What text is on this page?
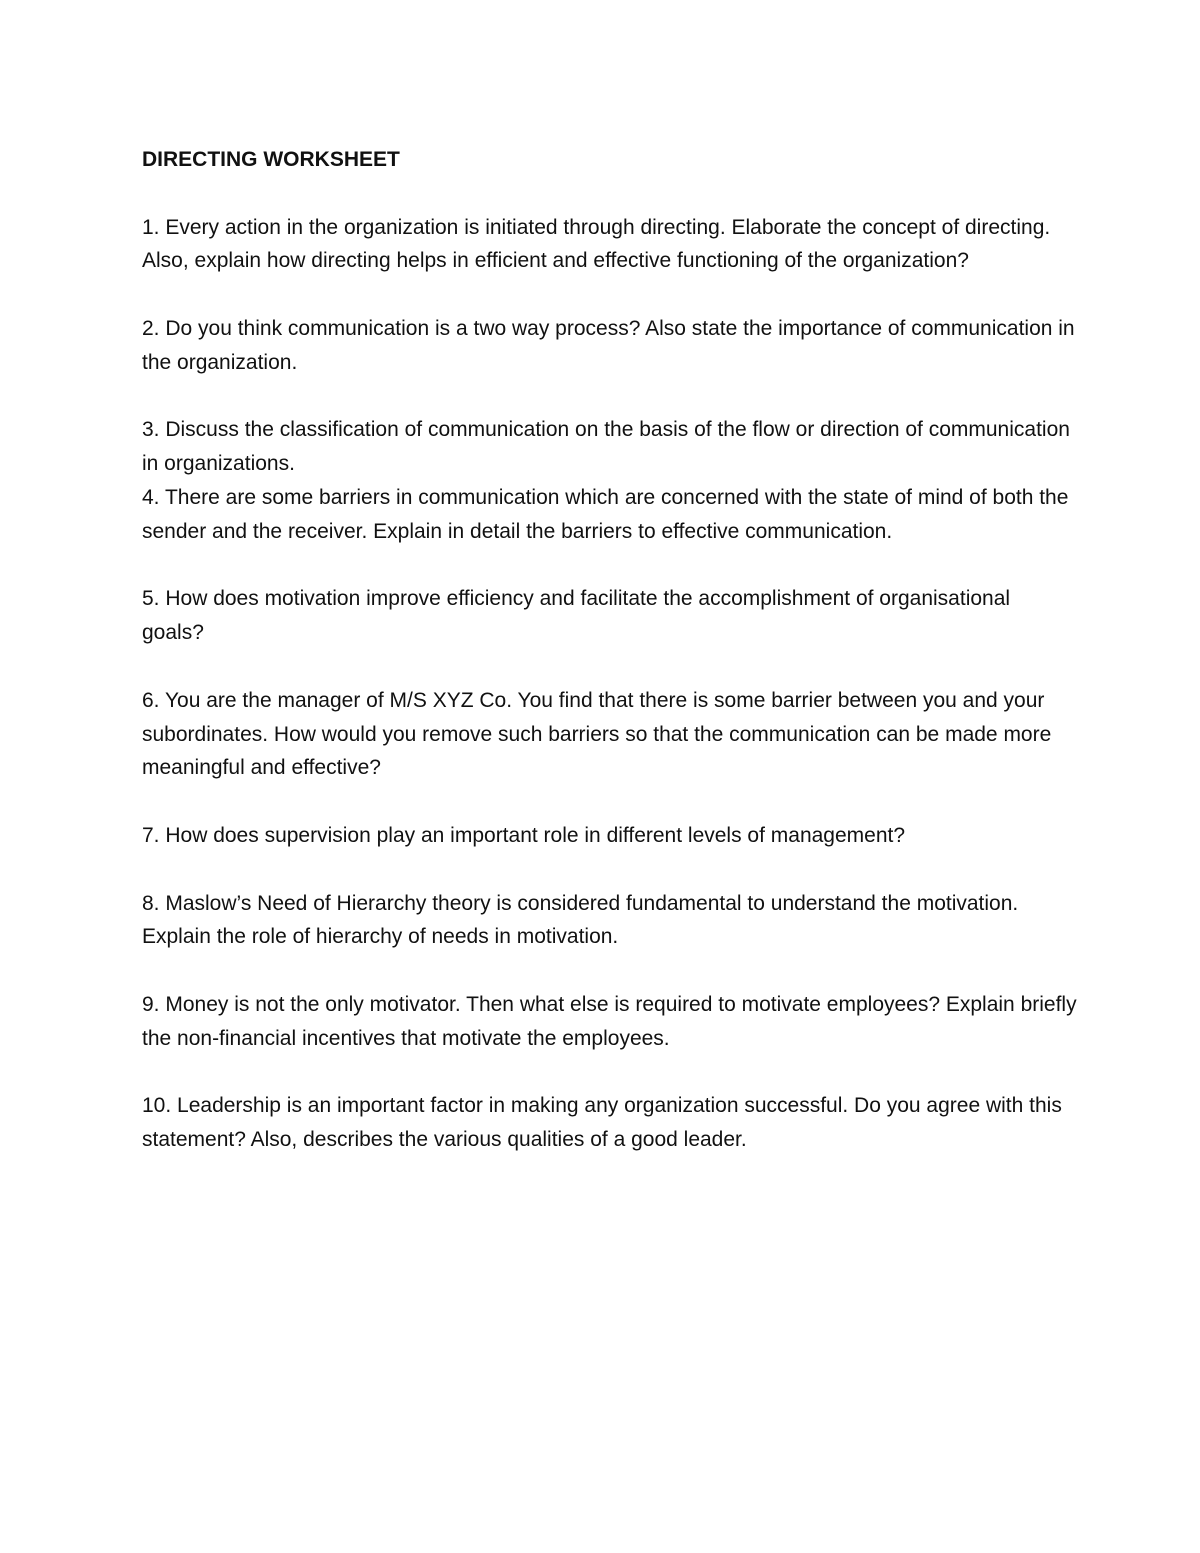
DIRECTING WORKSHEET

1. Every action in the organization is initiated through directing. Elaborate the concept of directing. Also, explain how directing helps in efficient and effective functioning of the organization?

2. Do you think communication is a two way process? Also state the importance of communication in the organization.

3. Discuss the classification of communication on the basis of the flow or direction of communication in organizations.

4. There are some barriers in communication which are concerned with the state of mind of both the sender and the receiver. Explain in detail the barriers to effective communication.

5. How does motivation improve efficiency and facilitate the accomplishment of organisational goals?

6. You are the manager of M/S XYZ Co. You find that there is some barrier between you and your subordinates. How would you remove such barriers so that the communication can be made more meaningful and effective?

7. How does supervision play an important role in different levels of management?

8. Maslow’s Need of Hierarchy theory is considered fundamental to understand the motivation. Explain the role of hierarchy of needs in motivation.

9. Money is not the only motivator. Then what else is required to motivate employees? Explain briefly the non-financial incentives that motivate the employees.

10. Leadership is an important factor in making any organization successful. Do you agree with this statement? Also, describes the various qualities of a good leader.
